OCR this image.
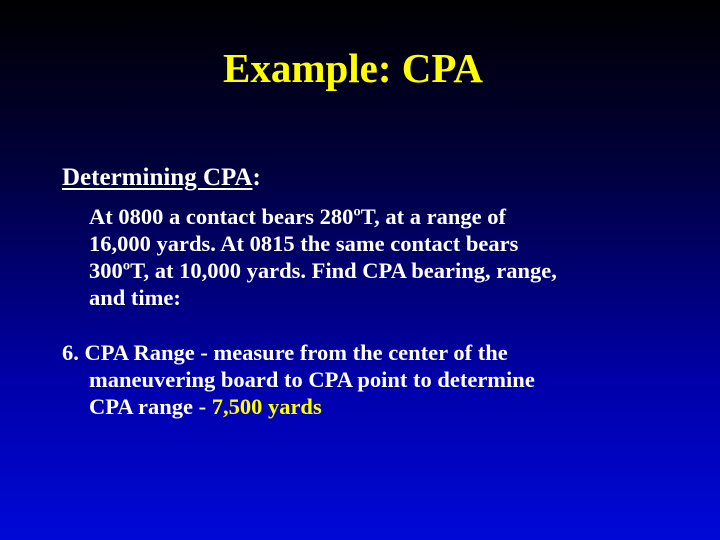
Example: CPA
Determining CPA:
At 0800 a contact bears 280ºT, at a range of
16,000 yards. At 0815 the same contact bears
300ºT, at 10,000 yards. Find CPA bearing, range,
and time:
6. CPA Range - measure from the center of the
maneuvering board to CPA point to determine
CPA range - 7,500 yards
